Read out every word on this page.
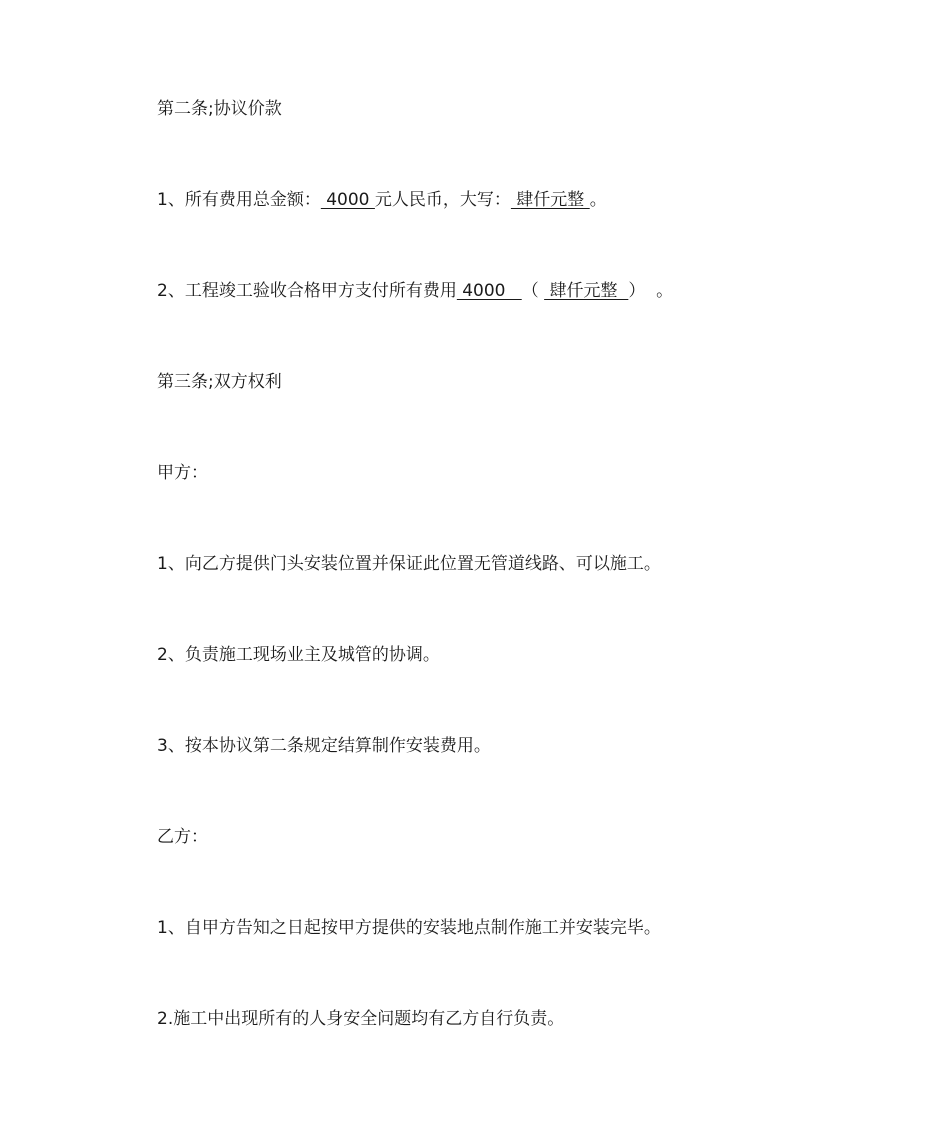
第二条;协议价款
1、所有费用总金额： 4000 元人民币，大写： 肆仟元整 。
2、工程竣工验收合格甲方支付所有费用 4000   （  肆仟元整  ）  。
第三条;双方权利
甲方：
1、向乙方提供门头安装位置并保证此位置无管道线路、可以施工。
2、负责施工现场业主及城管的协调。
3、按本协议第二条规定结算制作安装费用。
乙方：
1、自甲方告知之日起按甲方提供的安装地点制作施工并安装完毕。
2.施工中出现所有的人身安全问题均有乙方自行负责。
